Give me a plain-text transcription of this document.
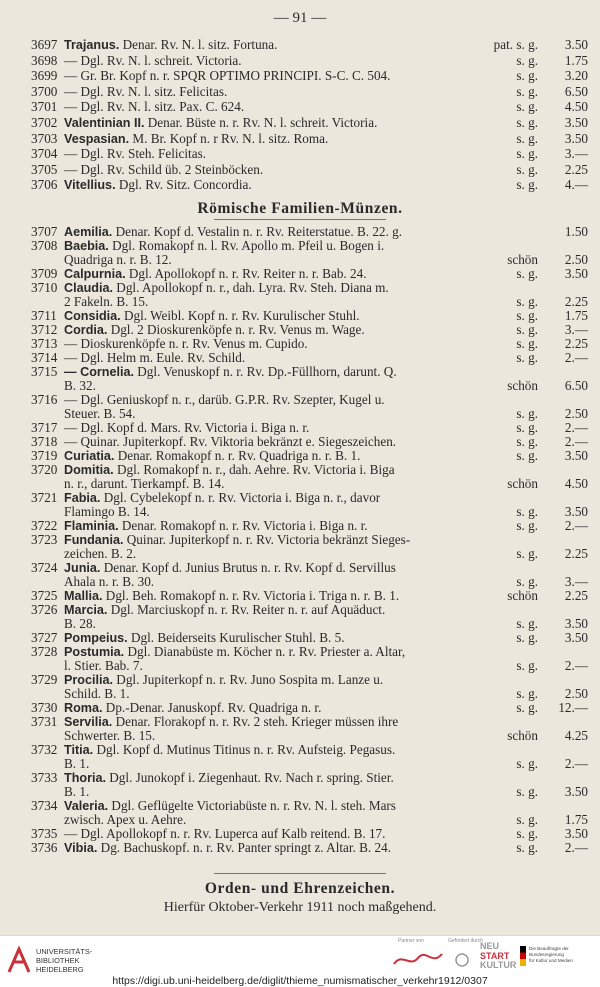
— 91 —
3697 Trajanus. Denar. Rv. N. l. sitz. Fortuna.	pat. s. g. 3.50
3698 — Dgl. Rv. N. l. schreit. Victoria.	s. g. 1.75
3699 — Gr. Br. Kopf n. r. SPQR OPTIMO PRINCIPI. S-C. C. 504.	s. g. 3.20
3700 — Dgl. Rv. N. l. sitz. Felicitas.	s. g. 6.50
3701 — Dgl. Rv. N. l. sitz. Pax. C. 624.	s. g. 4.50
3702 Valentinian II. Denar. Büste n. r. Rv. N. l. schreit. Victoria.	s. g. 3.50
3703 Vespasian. M. Br. Kopf n. r Rv. N. l. sitz. Roma.	s. g. 3.50
3704 — Dgl. Rv. Steh. Felicitas.	s. g. 3.—
3705 — Dgl. Rv. Schild üb. 2 Steinböcken.	s. g. 2.25
3706 Vitellius. Dgl. Rv. Sitz. Concordia.	s. g. 4.—
Römische Familien-Münzen.
3707 Aemilia. Denar. Kopf d. Vestalin n. r. Rv. Reiterstatue. B. 22. g.	1.50
3708 Baebia. Dgl. Romakopf n. l. Rv. Apollo m. Pfeil u. Bogen i.
Quadriga n. r. B. 12.	schön 2.50
3709 Calpurnia. Dgl. Apollokopf n. r. Rv. Reiter n. r. Bab. 24.	s. g. 3.50
3710 Claudia. Dgl. Apollokopf n. r., dah. Lyra. Rv. Steh. Diana m.
2 Fakeln. B. 15.	s. g. 2.25
3711 Considia. Dgl. Weibl. Kopf n. r. Rv. Kurulischer Stuhl.	s. g. 1.75
3712 Cordia. Dgl. 2 Dioskurenköpfe n. r. Rv. Venus m. Wage.	s. g. 3.—
3713 — Dioskurenköpfe n. r. Rv. Venus m. Cupido.	s. g. 2.25
3714 — Dgl. Helm m. Eule. Rv. Schild.	s. g. 2.—
3715 — Cornelia. Dgl. Venuskopf n. r. Rv. Dp.-Füllhorn, darunt. Q.
B. 32.	schön 6.50
3716 — Dgl. Geniuskopf n. r., darüb. G.P.R. Rv. Szepter, Kugel u.
Steuer. B. 54.	s. g. 2.50
3717 — Dgl. Kopf d. Mars. Rv. Victoria i. Biga n. r.	s. g. 2.—
3718 — Quinar. Jupiterkopf. Rv. Viktoria bekränzt e. Siegeszeichen.	s. g. 2.—
3719 Curiatia. Denar. Romakopf n. r. Rv. Quadriga n. r. B. 1.	s. g. 3.50
3720 Domitia. Dgl. Romakopf n. r., dah. Aehre. Rv. Victoria i. Biga
n. r., darunt. Tierkampf. B. 14.	schön 4.50
3721 Fabia. Dgl. Cybelekopf n. r. Rv. Victoria i. Biga n. r., davor
Flamingo B. 14.	s. g. 3.50
3722 Flaminia. Denar. Romakopf n. r. Rv. Victoria i. Biga n. r.	s. g. 2.—
3723 Fundania. Quinar. Jupiterkopf n. r. Rv. Victoria bekränzt Sieges-
zeichen. B. 2.	s. g. 2.25
3724 Junia. Denar. Kopf d. Junius Brutus n. r. Rv. Kopf d. Servillus
Ahala n. r. B. 30.	s. g. 3.—
3725 Mallia. Dgl. Beh. Romakopf n. r. Rv. Victoria i. Triga n. r. B. 1.	schön 2.25
3726 Marcia. Dgl. Marciuskopf n. r. Rv. Reiter n. r. auf Aquäduct.
B. 28.	s. g. 3.50
3727 Pompeius. Dgl. Beiderseits Kurulischer Stuhl. B. 5.	s. g. 3.50
3728 Postumia. Dgl. Dianabüste m. Köcher n. r. Rv. Priester a. Altar,
l. Stier. Bab. 7.	s. g. 2.—
3729 Procilia. Dgl. Jupiterkopf n. r. Rv. Juno Sospita m. Lanze u.
Schild. B. 1.	s. g. 2.50
3730 Roma. Dp.-Denar. Januskopf. Rv. Quadriga n. r.	s. g. 12.—
3731 Servilia. Denar. Florakopf n. r. Rv. 2 steh. Krieger müssen ihre
Schwerter. B. 15.	schön 4.25
3732 Titia. Dgl. Kopf d. Mutinus Titinus n. r. Rv. Aufsteig. Pegasus.
B. 1.	s. g. 2.—
3733 Thoria. Dgl. Junokopf i. Ziegenhaut. Rv. Nach r. spring. Stier.
B. 1.	s. g. 3.50
3734 Valeria. Dgl. Geflügelte Victoriabüste n. r. Rv. N. l. steh. Mars
zwisch. Apex u. Aehre.	s. g. 1.75
3735 — Dgl. Apollokopf n. r. Rv. Luperca auf Kalb reitend. B. 17.	s. g. 3.50
3736 Vibia. Dg. Bachuskopf. n. r. Rv. Panter springt z. Altar. B. 24.	s. g. 2.—
Orden- und Ehrenzeichen.
Hierfür Oktober-Verkehr 1911 noch maßgehend.
UNIVERSITÄTS-
BIBLIOTHEK
HEIDELBERG
Partner von	Gefördert durch
NEU
START
KULTUR
Die Beauftragte der Bundesregierung
für Kultur und Medien
https://digi.ub.uni-heidelberg.de/diglit/thieme_numismatischer_verkehr1912/0307
